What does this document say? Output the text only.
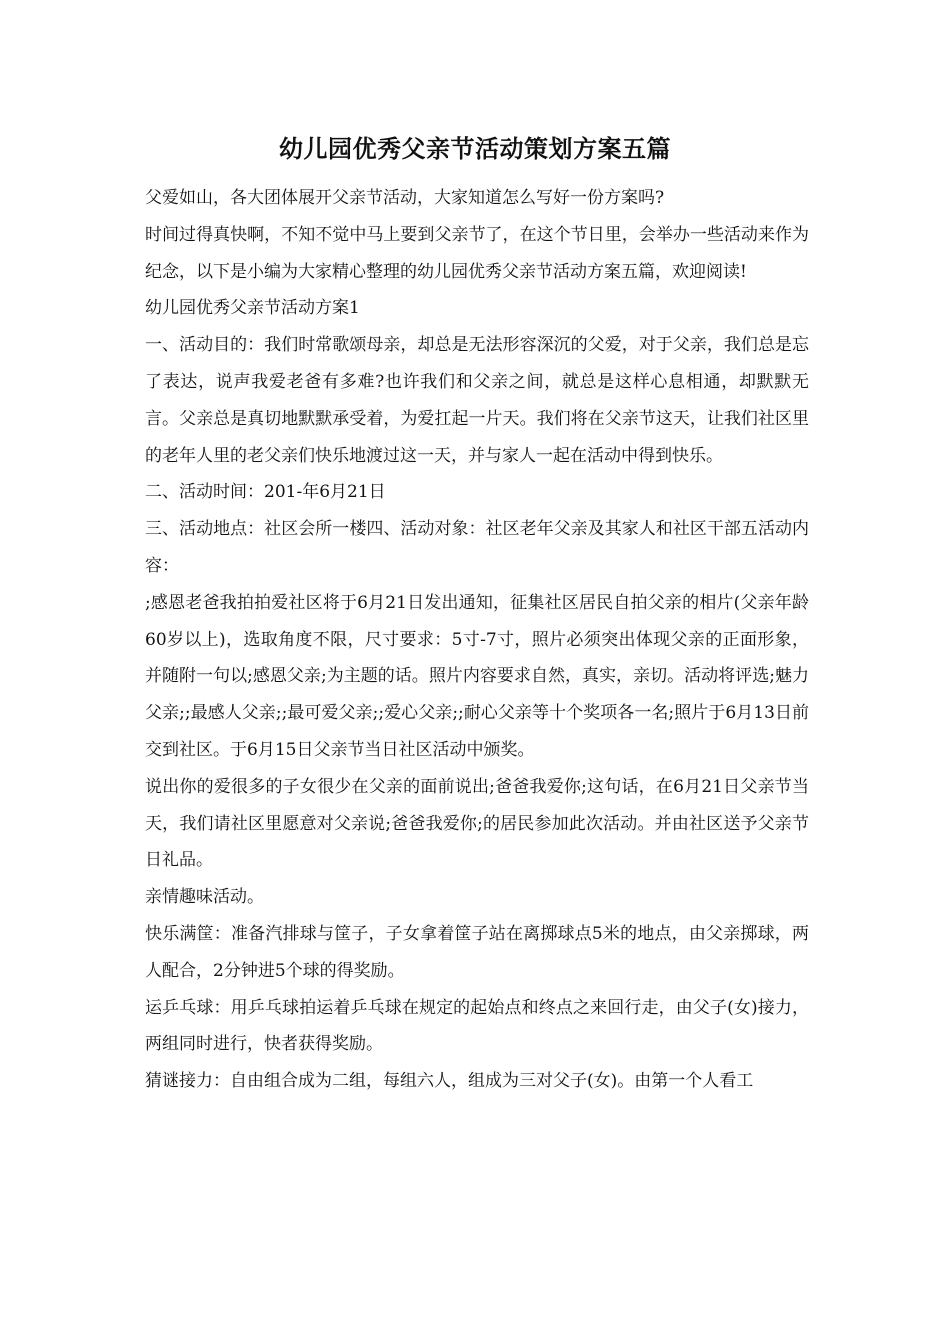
幼儿园优秀父亲节活动策划方案五篇

父爱如山，各大团体展开父亲节活动，大家知道怎么写好一份方案吗?

时间过得真快啊，不知不觉中马上要到父亲节了，在这个节日里，会举办一些活动来作为纪念，以下是小编为大家精心整理的幼儿园优秀父亲节活动方案五篇，欢迎阅读!

幼儿园优秀父亲节活动方案1

一、活动目的：我们时常歌颂母亲，却总是无法形容深沉的父爱，对于父亲，我们总是忘了表达，说声我爱老爸有多难?也许我们和父亲之间，就总是这样心息相通，却默默无言。父亲总是真切地默默承受着，为爱扛起一片天。我们将在父亲节这天，让我们社区里的老年人里的老父亲们快乐地渡过这一天，并与家人一起在活动中得到快乐。

二、活动时间：201-年6月21日

三、活动地点：社区会所一楼四、活动对象：社区老年父亲及其家人和社区干部五活动内容：

;感恩老爸我拍拍爱社区将于6月21日发出通知，征集社区居民自拍父亲的相片(父亲年龄60岁以上)，选取角度不限，尺寸要求：5寸-7寸，照片必须突出体现父亲的正面形象，并随附一句以;感恩父亲;为主题的话。照片内容要求自然，真实，亲切。活动将评选;魅力父亲;;最感人父亲;;最可爱父亲;;爱心父亲;;耐心父亲等十个奖项各一名;照片于6月13日前交到社区。于6月15日父亲节当日社区活动中颁奖。

说出你的爱很多的子女很少在父亲的面前说出;爸爸我爱你;这句话，在6月21日父亲节当天，我们请社区里愿意对父亲说;爸爸我爱你;的居民参加此次活动。并由社区送予父亲节日礼品。

亲情趣味活动。

快乐满筐：准备汽排球与筐子，子女拿着筐子站在离掷球点5米的地点，由父亲掷球，两人配合，2分钟进5个球的得奖励。

运乒乓球：用乒乓球拍运着乒乓球在规定的起始点和终点之来回行走，由父子(女)接力，两组同时进行，快者获得奖励。

猜谜接力：自由组合成为二组，每组六人，组成为三对父子(女)。由第一个人看工
